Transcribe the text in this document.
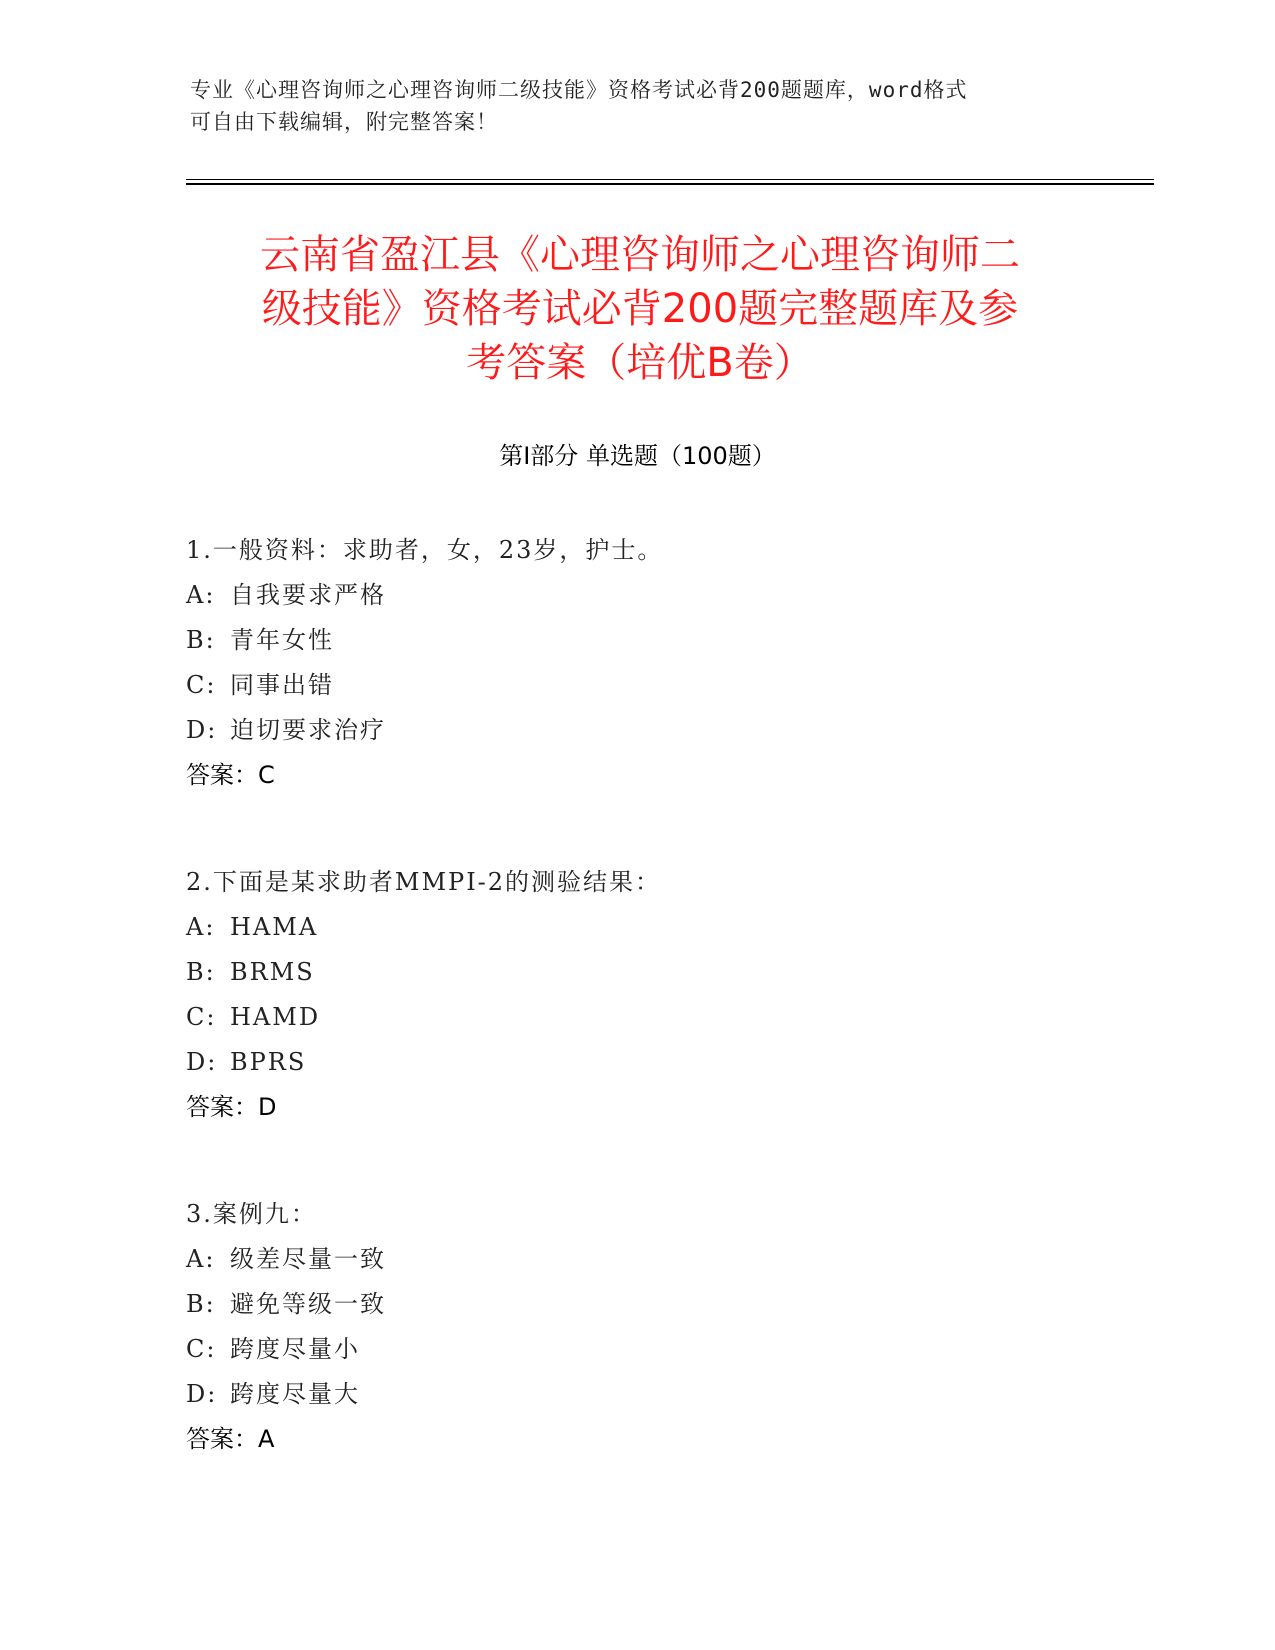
专业《心理咨询师之心理咨询师二级技能》资格考试必背200题题库，word格式
可自由下载编辑，附完整答案！
云南省盈江县《心理咨询师之心理咨询师二
级技能》资格考试必背200题完整题库及参
考答案（培优B卷）
第Ⅰ部分 单选题（100题）
1.一般资料：求助者，女，23岁，护士。
A: 自我要求严格
B: 青年女性
C: 同事出错
D: 迫切要求治疗
答案：C
2.下面是某求助者MMPI-2的测验结果：
A: HAMA
B: BRMS
C: HAMD
D: BPRS
答案：D
3.案例九：
A: 级差尽量一致
B: 避免等级一致
C: 跨度尽量小
D: 跨度尽量大
答案：A
